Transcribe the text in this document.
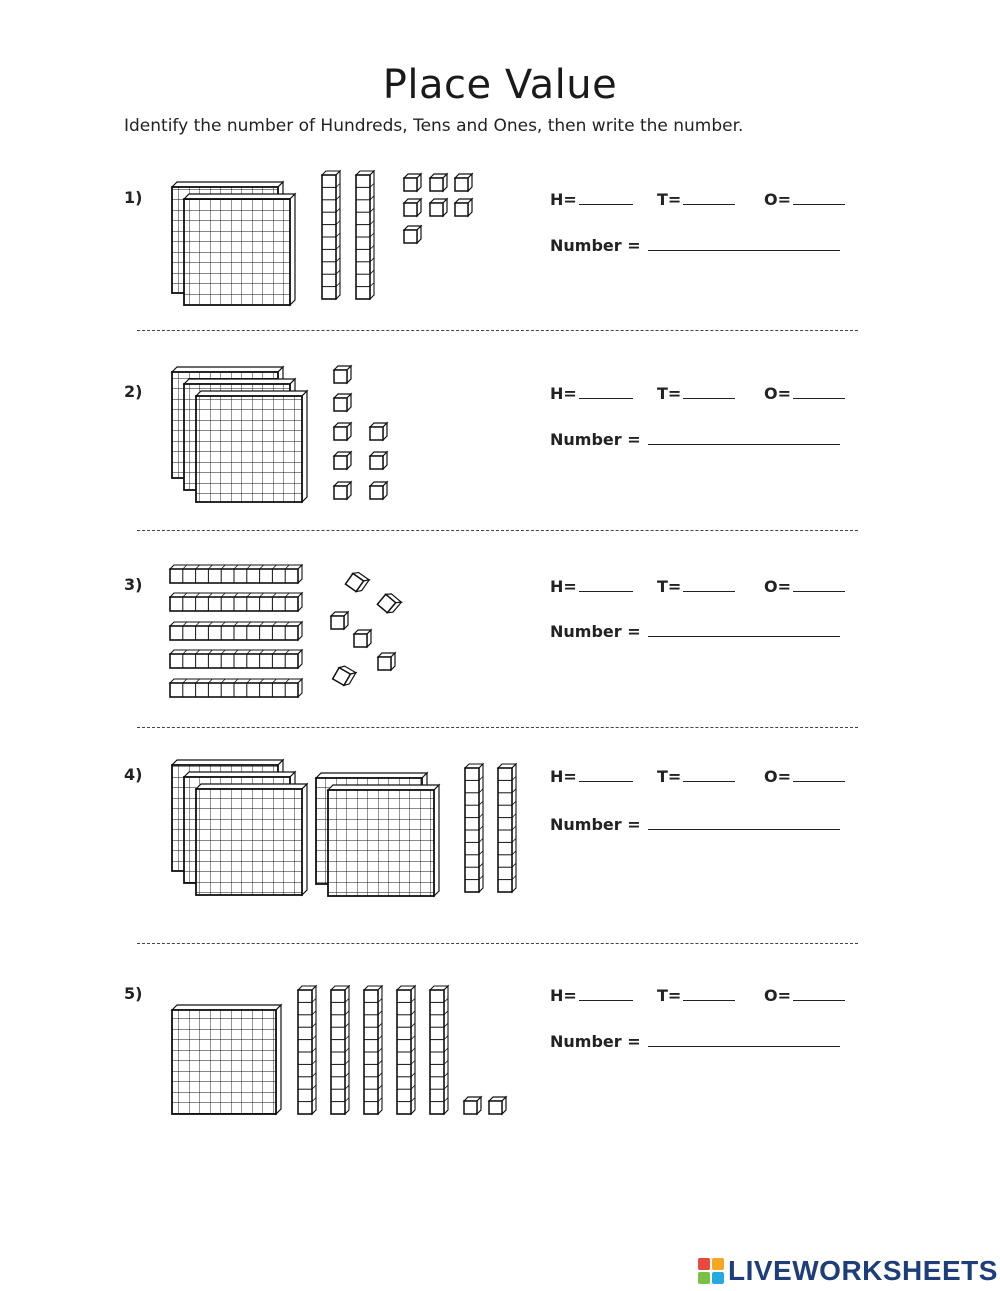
Place Value
Identify the number of Hundreds, Tens and Ones, then write the number.
1)	H=	T=	O=
Number =
2)	H=	T=	O=
Number =
3)	H=	T=	O=
Number =
4)	H=	T=	O=
Number =
5)	H=	T=	O=
Number =
LIVEWORKSHEETS
